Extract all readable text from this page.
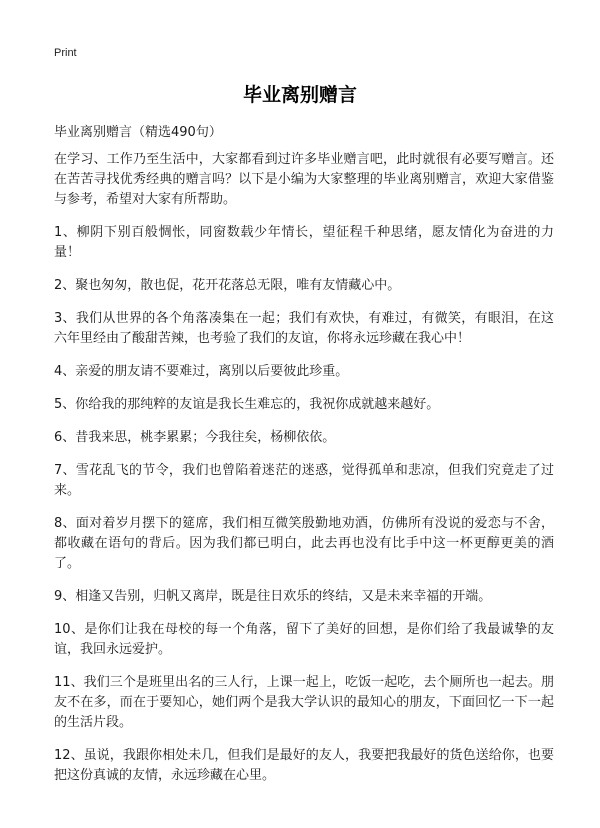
Print
毕业离别赠言

毕业离别赠言（精选490句）

在学习、工作乃至生活中，大家都看到过许多毕业赠言吧，此时就很有必要写赠言。还在苦苦寻找优秀经典的赠言吗？以下是小编为大家整理的毕业离别赠言，欢迎大家借鉴与参考，希望对大家有所帮助。

1、柳阴下别百般惆怅，同窗数载少年情长，望征程千种思绪，愿友情化为奋进的力量！

2、聚也匆匆，散也促，花开花落总无限，唯有友情藏心中。

3、我们从世界的各个角落凑集在一起；我们有欢快，有难过，有微笑，有眼泪，在这六年里经由了酸甜苦辣，也考验了我们的友谊，你将永远珍藏在我心中！

4、亲爱的朋友请不要难过，离别以后要彼此珍重。

5、你给我的那纯粹的友谊是我长生难忘的，我祝你成就越来越好。

6、昔我来思，桃李累累；今我往矣，杨柳依依。

7、雪花乱飞的节令，我们也曾陷着迷茫的迷惑，觉得孤单和悲凉，但我们究竟走了过来。

8、面对着岁月摆下的筵席，我们相互微笑殷勤地劝酒，仿佛所有没说的爱恋与不舍，都收藏在语句的背后。因为我们都已明白，此去再也没有比手中这一杯更醇更美的酒了。

9、相逢又告别，归帆又离岸，既是往日欢乐的终结，又是未来幸福的开端。

10、是你们让我在母校的每一个角落，留下了美好的回想，是你们给了我最诚挚的友谊，我回永远爱护。

11、我们三个是班里出名的三人行，上课一起上，吃饭一起吃，去个厕所也一起去。朋友不在多，而在于要知心，她们两个是我大学认识的最知心的朋友，下面回忆一下一起的生活片段。

12、虽说，我跟你相处未几，但我们是最好的友人，我要把我最好的货色送给你，也要把这份真诚的友情，永远珍藏在心里。
